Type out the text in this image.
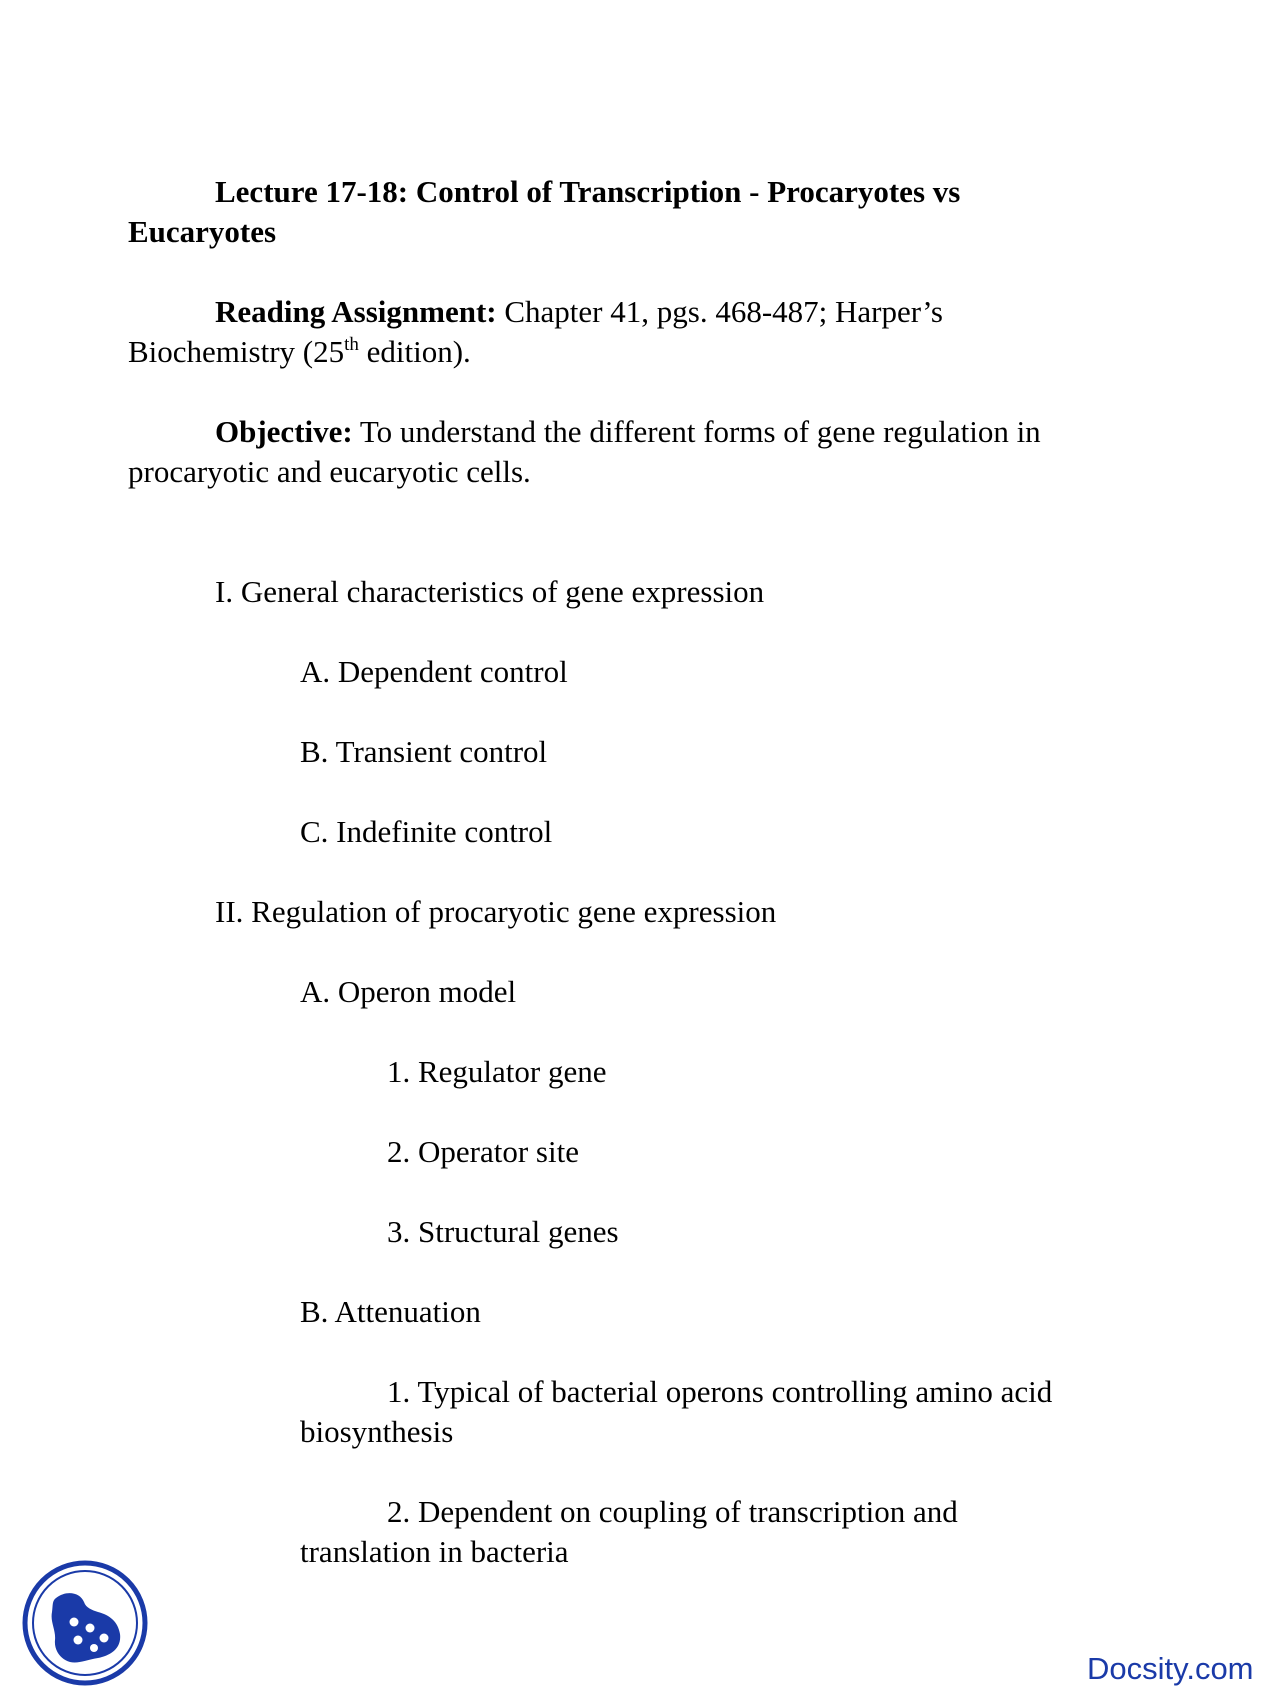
Lecture 17-18: Control of Transcription - Procaryotes vs
Eucaryotes
Reading Assignment: Chapter 41, pgs. 468-487; Harper’s
Biochemistry (25th edition).
Objective: To understand the different forms of gene regulation in
procaryotic and eucaryotic cells.
I. General characteristics of gene expression
A. Dependent control
B. Transient control
C. Indefinite control
II. Regulation of procaryotic gene expression
A. Operon model
1. Regulator gene
2. Operator site
3. Structural genes
B. Attenuation
1. Typical of bacterial operons controlling amino acid
biosynthesis
2. Dependent on coupling of transcription and
translation in bacteria
Docsity.com
